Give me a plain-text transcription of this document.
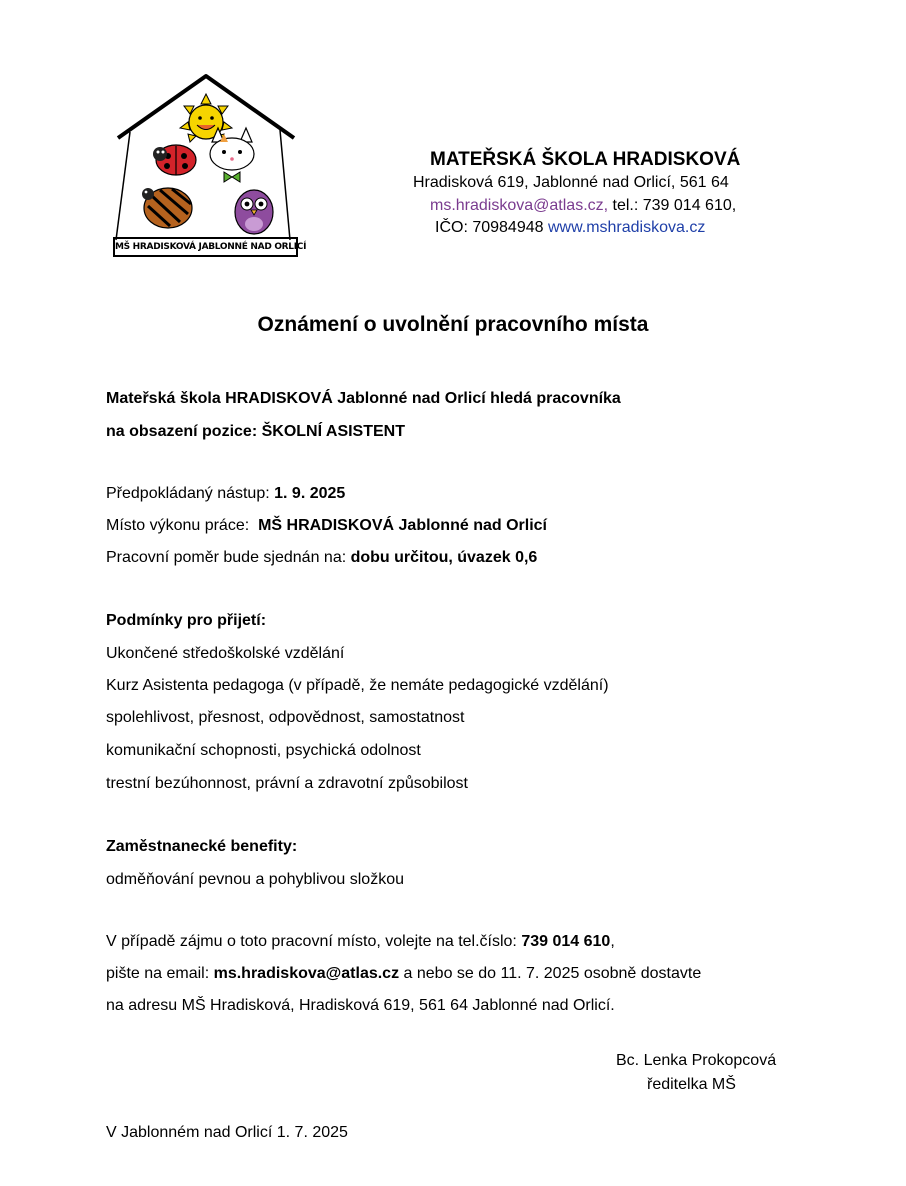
MŠ HRADISKOVÁ JABLONNÉ NAD ORLICÍ
MATEŘSKÁ ŠKOLA HRADISKOVÁ
Hradisková 619, Jablonné nad Orlicí, 561 64
ms.hradiskova@atlas.cz, tel.: 739 014 610,
IČO: 70984948 www.mshradiskova.cz
Oznámení o uvolnění pracovního místa
Mateřská škola HRADISKOVÁ Jablonné nad Orlicí hledá pracovníka
na obsazení pozice: ŠKOLNÍ ASISTENT
Předpokládaný nástup: 1. 9. 2025
Místo výkonu práce:  MŠ HRADISKOVÁ Jablonné nad Orlicí
Pracovní poměr bude sjednán na: dobu určitou, úvazek 0,6
Podmínky pro přijetí:
Ukončené středoškolské vzdělání
Kurz Asistenta pedagoga (v případě, že nemáte pedagogické vzdělání)
spolehlivost, přesnost, odpovědnost, samostatnost
komunikační schopnosti, psychická odolnost
trestní bezúhonnost, právní a zdravotní způsobilost
Zaměstnanecké benefity:
odměňování pevnou a pohyblivou složkou
V případě zájmu o toto pracovní místo, volejte na tel.číslo: 739 014 610,
pište na email: ms.hradiskova@atlas.cz a nebo se do 11. 7. 2025 osobně dostavte
na adresu MŠ Hradisková, Hradisková 619, 561 64 Jablonné nad Orlicí.
Bc. Lenka Prokopcová
ředitelka MŠ
V Jablonném nad Orlicí 1. 7. 2025
